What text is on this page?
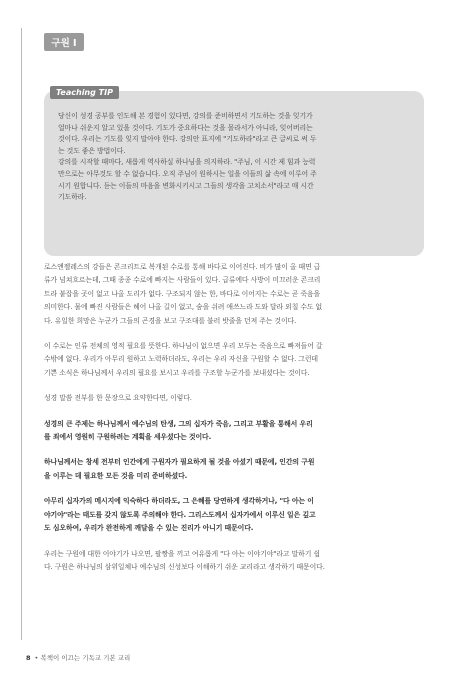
구원 I
Teaching TIP

당신이 성경 공부를 인도해 본 경험이 있다면, 강의를 준비하면서 기도하는 것을 잊기가

얼마나 쉬운지 알고 있을 것이다. 기도가 중요하다는 것을 몰라서가 아니라, 잊어버리는

것이다. 우리는 기도를 잊지 말아야 한다. 강의안 표지에 "기도하라"라고 큰 글씨로 써 두

는 것도 좋은 방법이다.

강의를 시작할 때마다, 새롭게 역사하실 하나님을 의지하라. "주님, 이 시간 제 힘과 능력

만으로는 아무것도 할 수 없습니다. 오직 주님이 원하시는 일을 이들의 삶 속에 이루어 주

시기 원합니다. 듣는 이들의 마음을 변화시키시고 그들의 생각을 고치소서"라고 매 시간

기도하라.

로스앤젤레스의 강들은 콘크리트로 복개된 수로를 통해 바다로 이어진다. 비가 많이 올 때면 급

류가 넘쳐흐르는데, 그때 종종 수로에 빠지는 사람들이 있다. 급류에다 사방이 미끄러운 콘크리

트라 붙잡을 곳이 없고 나올 도리가 없다. 구조되지 않는 한, 바다로 이어지는 수로는 곧 죽음을

의미한다. 물에 빠진 사람들은 헤어 나올 길이 없고, 숨을 쉬려 애쓰느라 도와 달라 외칠 수도 없

다. 유일한 희망은 누군가 그들의 곤경을 보고 구조대를 불러 밧줄을 던져 주는 것이다.

이 수로는 인류 전체의 영적 필요를 뜻한다. 하나님이 없으면 우리 모두는 죽음으로 빠져들어 갈

수밖에 없다. 우리가 아무리 원하고 노력하더라도, 우리는 우리 자신을 구원할 수 없다. 그런데

기쁜 소식은 하나님께서 우리의 필요를 보시고 우리를 구조할 누군가를 보내셨다는 것이다.

성경 말씀 전부를 한 문장으로 요약한다면, 이렇다.

성경의 큰 주제는 하나님께서 예수님의 탄생, 그의 십자가 죽음, 그리고 부활을 통해서 우리

를 죄에서 영원히 구원하려는 계획을 세우셨다는 것이다.

하나님께서는 창세 전부터 인간에게 구원자가 필요하게 될 것을 아셨기 때문에, 인간의 구원

을 이루는 데 필요한 모든 것을 미리 준비하셨다.

아무리 십자가의 메시지에 익숙하다 하더라도, 그 은혜를 당연하게 생각하거나, "다 아는 이

야기야"라는 태도를 갖지 않도록 주의해야 한다. 그리스도께서 십자가에서 이루신 일은 깊고

도 심오하여, 우리가 완전하게 깨달을 수 있는 진리가 아니기 때문이다.

우리는 구원에 대한 이야기가 나오면, 팔짱을 끼고 여유롭게 "다 아는 이야기야"라고 말하기 쉽

다. 구원은 하나님의 삼위일체나 예수님의 신성보다 이해하기 쉬운 교리라고 생각하기 때문이다.

8 • 복책이 이끄는 기독교 기본 교리
